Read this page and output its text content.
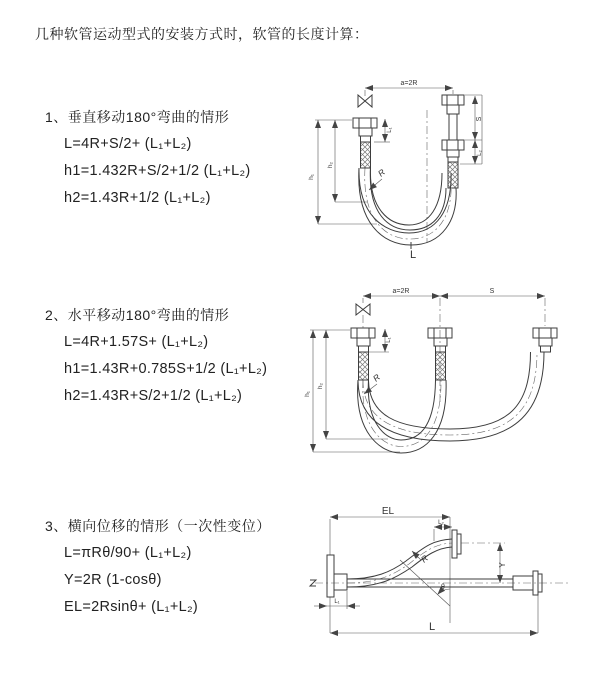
几种软管运动型式的安装方式时，软管的长度计算：
1、垂直移动180°弯曲的情形
L=4R+S/2+ (L₁+L₂)
h1=1.432R+S/2+1/2 (L₁+L₂)
h2=1.43R+1/2 (L₁+L₂)
a=2R
h₁
h₂
L₁
S
L₂
R
L
2、水平移动180°弯曲的情形
L=4R+1.57S+ (L₁+L₂)
h1=1.43R+0.785S+1/2 (L₁+L₂)
h2=1.43R+S/2+1/2 (L₁+L₂)
a=2R	S
h₁
h₂
L₁
R
3、横向位移的情形（一次性变位）
L=πRθ/90+ (L₁+L₂)
Y=2R (1-cosθ)
EL=2Rsinθ+ (L₁+L₂)
EL
L₂
Y
R
θ
L
L₁
